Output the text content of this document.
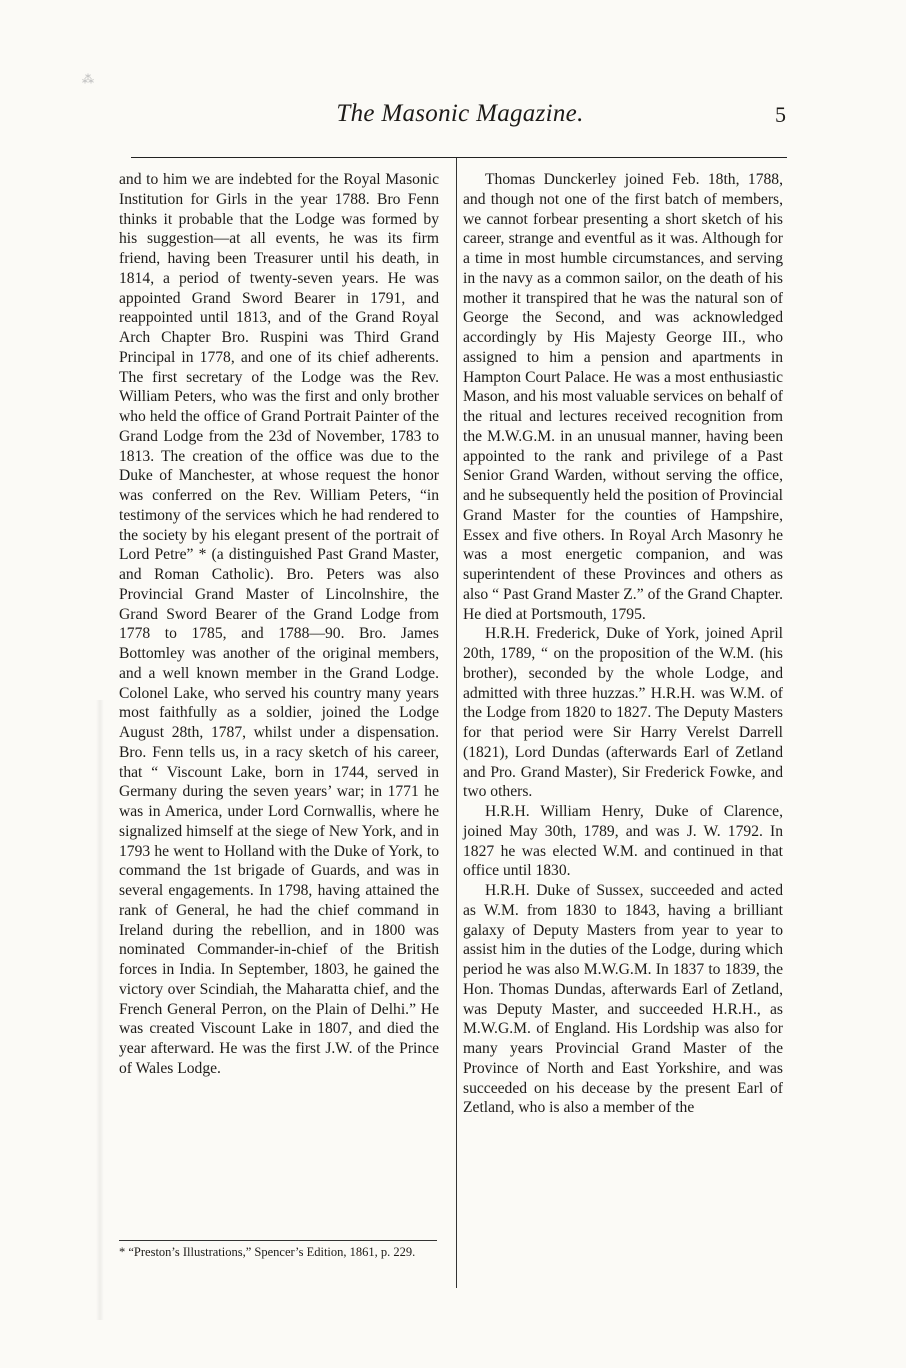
⁂
The Masonic Magazine.	5

and to him we are indebted for the Royal Masonic Institution for Girls in the year 1788. Bro Fenn thinks it probable that the Lodge was formed by his suggestion—at all events, he was its firm friend, having been Treasurer until his death, in 1814, a period of twenty-seven years. He was appointed Grand Sword Bearer in 1791, and reappointed until 1813, and of the Grand Royal Arch Chapter Bro. Ruspini was Third Grand Principal in 1778, and one of its chief adherents. The first secretary of the Lodge was the Rev. William Peters, who was the first and only brother who held the office of Grand Portrait Painter of the Grand Lodge from the 23d of November, 1783 to 1813. The creation of the office was due to the Duke of Manchester, at whose request the honor was conferred on the Rev. William Peters, “in testimony of the services which he had rendered to the society by his elegant present of the portrait of Lord Petre” * (a distinguished Past Grand Master, and Roman Catholic). Bro. Peters was also Provincial Grand Master of Lincolnshire, the Grand Sword Bearer of the Grand Lodge from 1778 to 1785, and 1788—90. Bro. James Bottomley was another of the original members, and a well known member in the Grand Lodge. Colonel Lake, who served his country many years most faithfully as a soldier, joined the Lodge August 28th, 1787, whilst under a dispensation. Bro. Fenn tells us, in a racy sketch of his career, that “ Viscount Lake, born in 1744, served in Germany during the seven years’ war; in 1771 he was in America, under Lord Cornwallis, where he signalized himself at the siege of New York, and in 1793 he went to Holland with the Duke of York, to command the 1st brigade of Guards, and was in several engagements. In 1798, having attained the rank of General, he had the chief command in Ireland during the rebellion, and in 1800 was nominated Commander-in-chief of the British forces in India. In September, 1803, he gained the victory over Scindiah, the Maharatta chief, and the French General Perron, on the Plain of Delhi.” He was created Viscount Lake in 1807, and died the year afterward. He was the first J.W. of the Prince of Wales Lodge.

* “Preston’s Illustrations,” Spencer’s Edition, 1861, p. 229.

Thomas Dunckerley joined Feb. 18th, 1788, and though not one of the first batch of members, we cannot forbear presenting a short sketch of his career, strange and eventful as it was. Although for a time in most humble circumstances, and serving in the navy as a common sailor, on the death of his mother it transpired that he was the natural son of George the Second, and was acknowledged accordingly by His Majesty George III., who assigned to him a pension and apartments in Hampton Court Palace. He was a most enthusiastic Mason, and his most valuable services on behalf of the ritual and lectures received recognition from the M.W.G.M. in an unusual manner, having been appointed to the rank and privilege of a Past Senior Grand Warden, without serving the office, and he subsequently held the position of Provincial Grand Master for the counties of Hampshire, Essex and five others. In Royal Arch Masonry he was a most energetic companion, and was superintendent of these Provinces and others as also “ Past Grand Master Z.” of the Grand Chapter. He died at Portsmouth, 1795.

H.R.H. Frederick, Duke of York, joined April 20th, 1789, “ on the proposition of the W.M. (his brother), seconded by the whole Lodge, and admitted with three huzzas.” H.R.H. was W.M. of the Lodge from 1820 to 1827. The Deputy Masters for that period were Sir Harry Verelst Darrell (1821), Lord Dundas (afterwards Earl of Zetland and Pro. Grand Master), Sir Frederick Fowke, and two others.

H.R.H. William Henry, Duke of Clarence, joined May 30th, 1789, and was J. W. 1792. In 1827 he was elected W.M. and continued in that office until 1830.

H.R.H. Duke of Sussex, succeeded and acted as W.M. from 1830 to 1843, having a brilliant galaxy of Deputy Masters from year to year to assist him in the duties of the Lodge, during which period he was also M.W.G.M. In 1837 to 1839, the Hon. Thomas Dundas, afterwards Earl of Zetland, was Deputy Master, and succeeded H.R.H., as M.W.G.M. of England. His Lordship was also for many years Provincial Grand Master of the Province of North and East Yorkshire, and was succeeded on his decease by the present Earl of Zetland, who is also a member of the
